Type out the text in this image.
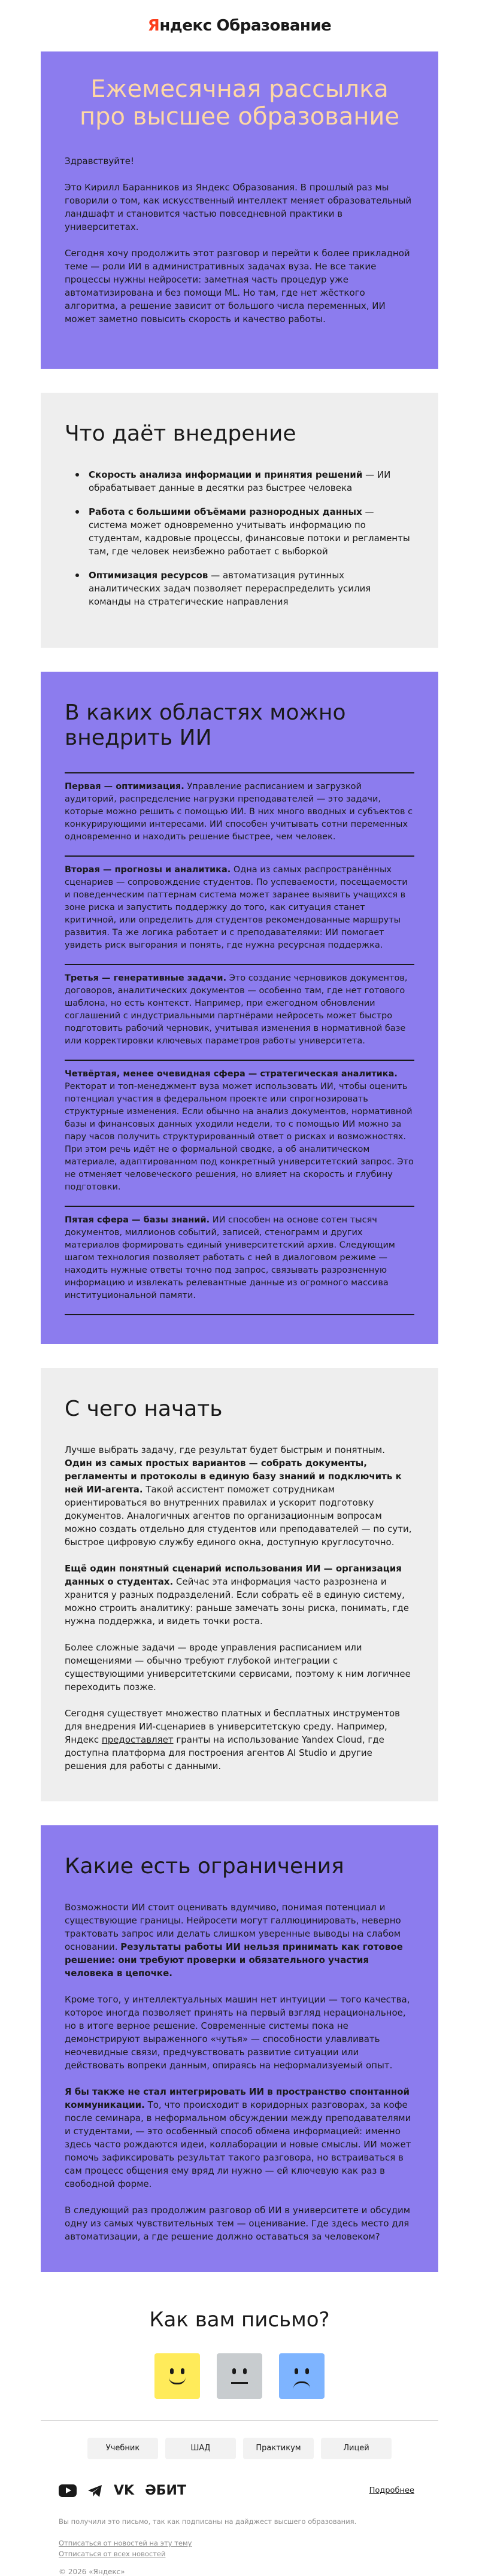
Яндекс Образование
Ежемесячная рассылка про высшее образование

Здравствуйте!

Это Кирилл Баранников из Яндекс Образования. В прошлый раз мы говорили о том, как искусственный интеллект меняет образовательный ландшафт и становится частью повседневной практики в университетах.

Сегодня хочу продолжить этот разговор и перейти к более прикладной теме — роли ИИ в административных задачах вуза. Не все такие процессы нужны нейросети: заметная часть процедур уже автоматизирована и без помощи ML. Но там, где нет жёсткого алгоритма, а решение зависит от большого числа переменных, ИИ может заметно повысить скорость и качество работы.

Что даёт внедрение
Скорость анализа информации и принятия решений — ИИ обрабатывает данные в десятки раз быстрее человека
Работа с большими объёмами разнородных данных — система может одновременно учитывать информацию по студентам, кадровые процессы, финансовые потоки и регламенты там, где человек неизбежно работает с выборкой
Оптимизация ресурсов — автоматизация рутинных аналитических задач позволяет перераспределить усилия команды на стратегические направления
В каких областях можно внедрить ИИ
Первая — оптимизация. Управление расписанием и загрузкой аудиторий, распределение нагрузки преподавателей — это задачи, которые можно решить с помощью ИИ. В них много вводных и субъектов с конкурирующими интересами. ИИ способен учитывать сотни переменных одновременно и находить решение быстрее, чем человек.
Вторая — прогнозы и аналитика. Одна из самых распространённых сценариев — сопровождение студентов. По успеваемости, посещаемости и поведенческим паттернам система может заранее выявить учащихся в зоне риска и запустить поддержку до того, как ситуация станет критичной, или определить для студентов рекомендованные маршруты развития. Та же логика работает и с преподавателями: ИИ помогает увидеть риск выгорания и понять, где нужна ресурсная поддержка.
Третья — генеративные задачи. Это создание черновиков документов, договоров, аналитических документов — особенно там, где нет готового шаблона, но есть контекст. Например, при ежегодном обновлении соглашений с индустриальными партнёрами нейросеть может быстро подготовить рабочий черновик, учитывая изменения в нормативной базе или корректировки ключевых параметров работы университета.
Четвёртая, менее очевидная сфера — стратегическая аналитика. Ректорат и топ-менеджмент вуза может использовать ИИ, чтобы оценить потенциал участия в федеральном проекте или спрогнозировать структурные изменения. Если обычно на анализ документов, нормативной базы и финансовых данных уходили недели, то с помощью ИИ можно за пару часов получить структурированный ответ о рисках и возможностях. При этом речь идёт не о формальной сводке, а об аналитическом материале, адаптированном под конкретный университетский запрос. Это не отменяет человеческого решения, но влияет на скорость и глубину подготовки.
Пятая сфера — базы знаний. ИИ способен на основе сотен тысяч документов, миллионов событий, записей, стенограмм и других материалов формировать единый университетский архив. Следующим шагом технология позволяет работать с ней в диалоговом режиме — находить нужные ответы точно под запрос, связывать разрозненную информацию и извлекать релевантные данные из огромного массива институциональной памяти.
С чего начать

Лучше выбрать задачу, где результат будет быстрым и понятным. Один из самых простых вариантов — собрать документы, регламенты и протоколы в единую базу знаний и подключить к ней ИИ-агента. Такой ассистент поможет сотрудникам ориентироваться во внутренних правилах и ускорит подготовку документов. Аналогичных агентов по организационным вопросам можно создать отдельно для студентов или преподавателей — по сути, быстрое цифровую службу единого окна, доступную круглосуточно.

Ещё один понятный сценарий использования ИИ — организация данных о студентах. Сейчас эта информация часто разрознена и хранится у разных подразделений. Если собрать её в единую систему, можно строить аналитику: раньше замечать зоны риска, понимать, где нужна поддержка, и видеть точки роста.

Более сложные задачи — вроде управления расписанием или помещениями — обычно требуют глубокой интеграции с существующими университетскими сервисами, поэтому к ним логичнее переходить позже.

Сегодня существует множество платных и бесплатных инструментов для внедрения ИИ-сценариев в университетскую среду. Например, Яндекс предоставляет гранты на использование Yandex Cloud, где доступна платформа для построения агентов AI Studio и другие решения для работы с данными.

Какие есть ограничения

Возможности ИИ стоит оценивать вдумчиво, понимая потенциал и существующие границы. Нейросети могут галлюцинировать, неверно трактовать запрос или делать слишком уверенные выводы на слабом основании. Результаты работы ИИ нельзя принимать как готовое решение: они требуют проверки и обязательного участия человека в цепочке.

Кроме того, у интеллектуальных машин нет интуиции — того качества, которое иногда позволяет принять на первый взгляд нерациональное, но в итоге верное решение. Современные системы пока не демонстрируют выраженного «чутья» — способности улавливать неочевидные связи, предчувствовать развитие ситуации или действовать вопреки данным, опираясь на неформализуемый опыт.

Я бы также не стал интегрировать ИИ в пространство спонтанной коммуникации. То, что происходит в коридорных разговорах, за кофе после семинара, в неформальном обсуждении между преподавателями и студентами, — это особенный способ обмена информацией: именно здесь часто рождаются идеи, коллаборации и новые смыслы. ИИ может помочь зафиксировать результат такого разговора, но встраиваться в сам процесс общения ему вряд ли нужно — ей ключевую как раз в свободной форме.

В следующий раз продолжим разговор об ИИ в университете и обсудим одну из самых чувствительных тем — оценивание. Где здесь место для автоматизации, а где решение должно оставаться за человеком?

Как вам письмо?
Учебник	ШАД	Практикум	Лицей
VK ӘБИТ	Подробнее

Вы получили это письмо, так как подписаны на дайджест высшего образования.

Отписаться от новостей на эту тему
Отписаться от всех новостей
© 2026 «Яндекс»
